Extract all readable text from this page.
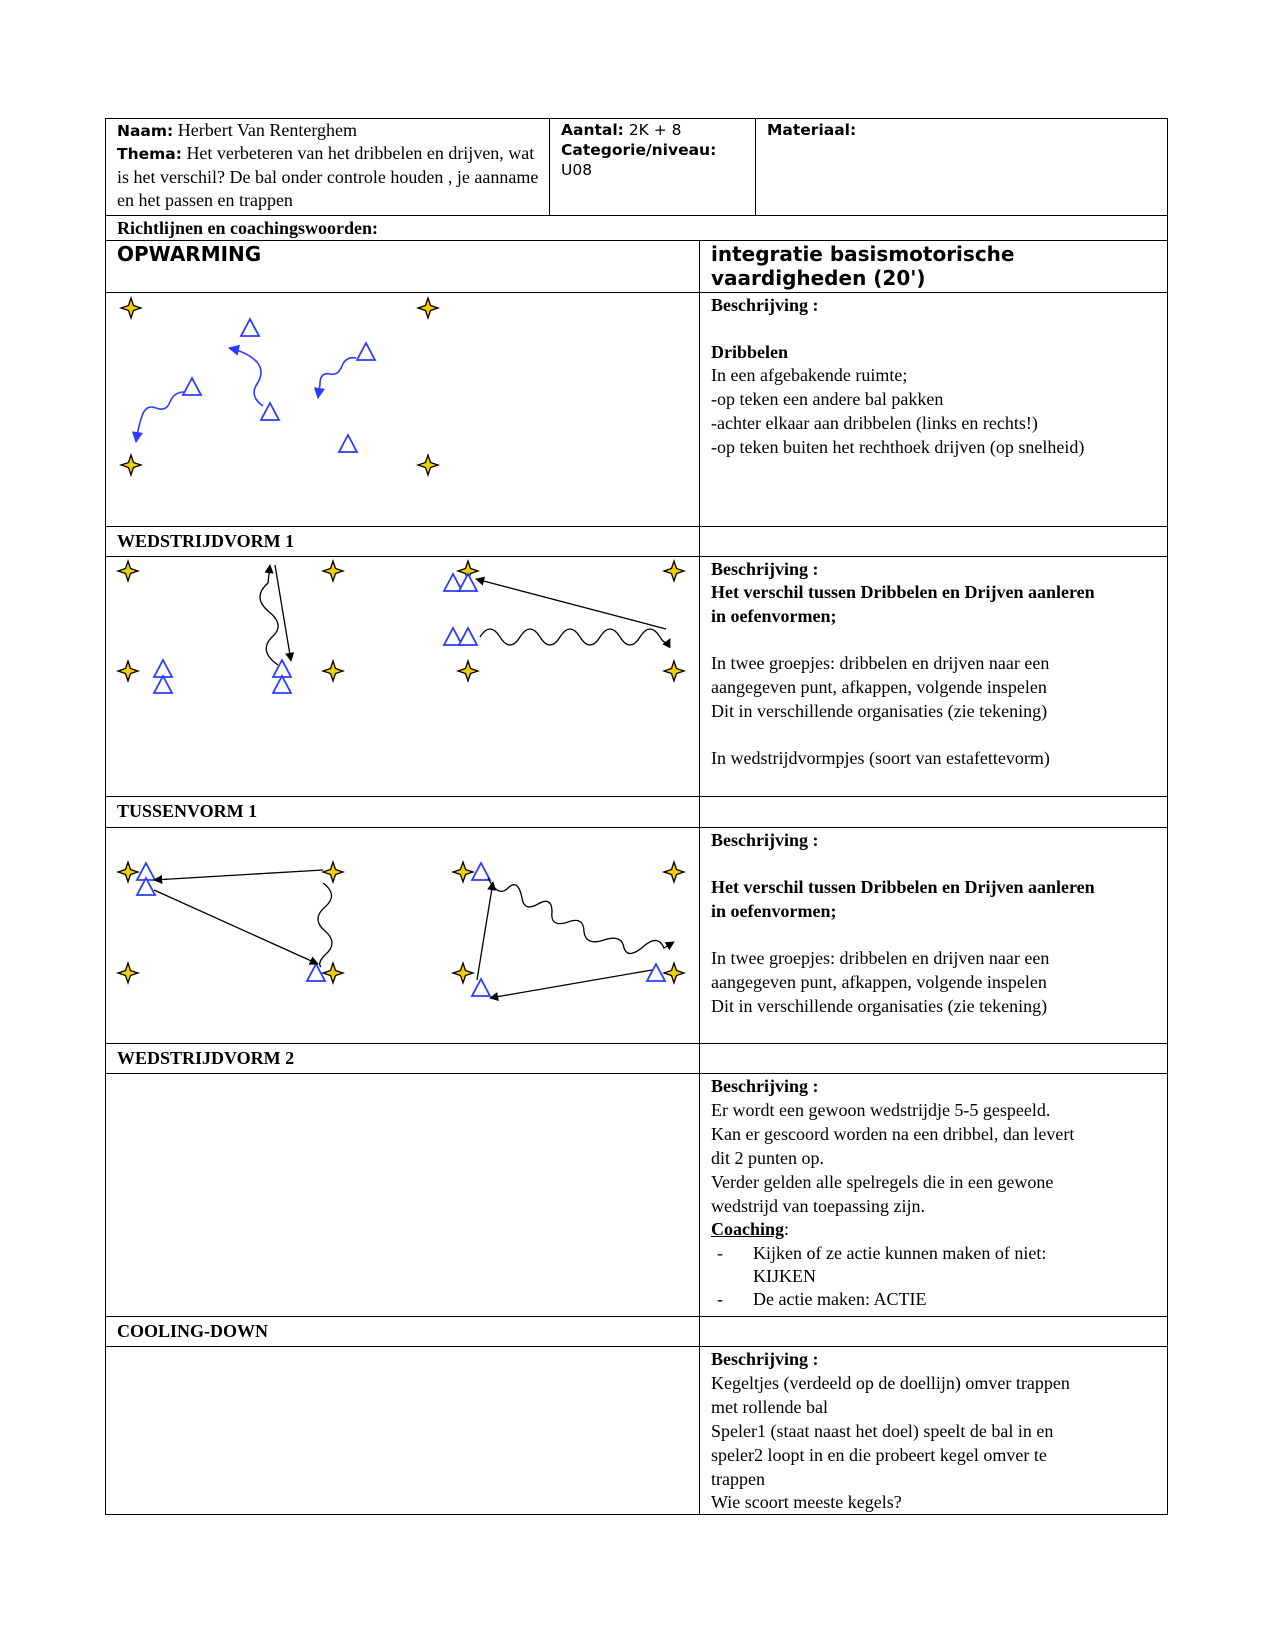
Naam: Herbert Van Renterghem
Thema: Het verbeteren van het dribbelen en drijven, wat is het verschil? De bal onder controle houden , je aanname en het passen en trappen
Aantal: 2K + 8
Categorie/niveau:
U08
Materiaal:
Richtlijnen en coachingswoorden:
OPWARMING	integratie basismotorische
vaardigheden (20')
Beschrijving :
Dribbelen
In een afgebakende ruimte;
-op teken een andere bal pakken
-achter elkaar aan dribbelen (links en rechts!)
-op teken buiten het rechthoek drijven (op snelheid)
WEDSTRIJDVORM 1
Beschrijving :
Het verschil tussen Dribbelen en Drijven aanleren
in oefenvormen;
In twee groepjes: dribbelen en drijven naar een
aangegeven punt, afkappen, volgende inspelen
Dit in verschillende organisaties (zie tekening)
In wedstrijdvormpjes (soort van estafettevorm)
TUSSENVORM 1
Beschrijving :
Het verschil tussen Dribbelen en Drijven aanleren
in oefenvormen;
In twee groepjes: dribbelen en drijven naar een
aangegeven punt, afkappen, volgende inspelen
Dit in verschillende organisaties (zie tekening)
WEDSTRIJDVORM 2
Beschrijving :
Er wordt een gewoon wedstrijdje 5-5 gespeeld.
Kan er gescoord worden na een dribbel, dan levert
dit 2 punten op.
Verder gelden alle spelregels die in een gewone
wedstrijd van toepassing zijn.
Coaching:
- Kijken of ze actie kunnen maken of niet:
KIJKEN
- De actie maken: ACTIE
COOLING-DOWN
Beschrijving :
Kegeltjes (verdeeld op de doellijn) omver trappen
met rollende bal
Speler1 (staat naast het doel) speelt de bal in en
speler2 loopt in en die probeert kegel omver te
trappen
Wie scoort meeste kegels?
